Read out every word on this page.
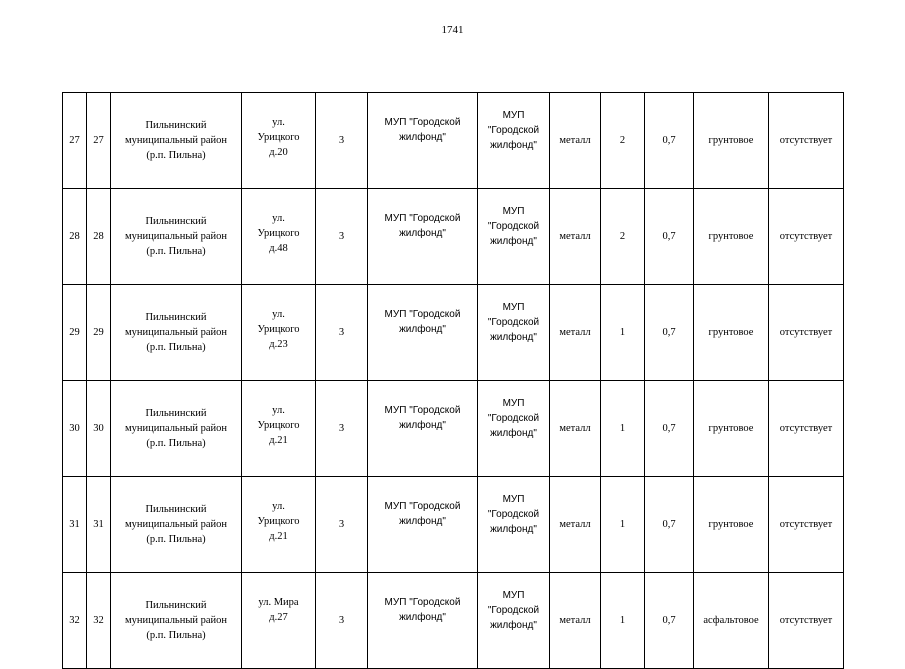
1741
27	27	Пильнинский
муниципальный район
(р.п. Пильна)	ул.
Урицкого
д.20	3	МУП "Городской
жилфонд"	МУП
"Городской
жилфонд"	металл	2	0,7	грунтовое	отсутствует
28	28	Пильнинский
муниципальный район
(р.п. Пильна)	ул.
Урицкого
д.48	3	МУП "Городской
жилфонд"	МУП
"Городской
жилфонд"	металл	2	0,7	грунтовое	отсутствует
29	29	Пильнинский
муниципальный район
(р.п. Пильна)	ул.
Урицкого
д.23	3	МУП "Городской
жилфонд"	МУП
"Городской
жилфонд"	металл	1	0,7	грунтовое	отсутствует
30	30	Пильнинский
муниципальный район
(р.п. Пильна)	ул.
Урицкого
д.21	3	МУП "Городской
жилфонд"	МУП
"Городской
жилфонд"	металл	1	0,7	грунтовое	отсутствует
31	31	Пильнинский
муниципальный район
(р.п. Пильна)	ул.
Урицкого
д.21	3	МУП "Городской
жилфонд"	МУП
"Городской
жилфонд"	металл	1	0,7	грунтовое	отсутствует
32	32	Пильнинский
муниципальный район
(р.п. Пильна)	ул. Мира
д.27	3	МУП "Городской
жилфонд"	МУП
"Городской
жилфонд"	металл	1	0,7	асфальтовое	отсутствует
